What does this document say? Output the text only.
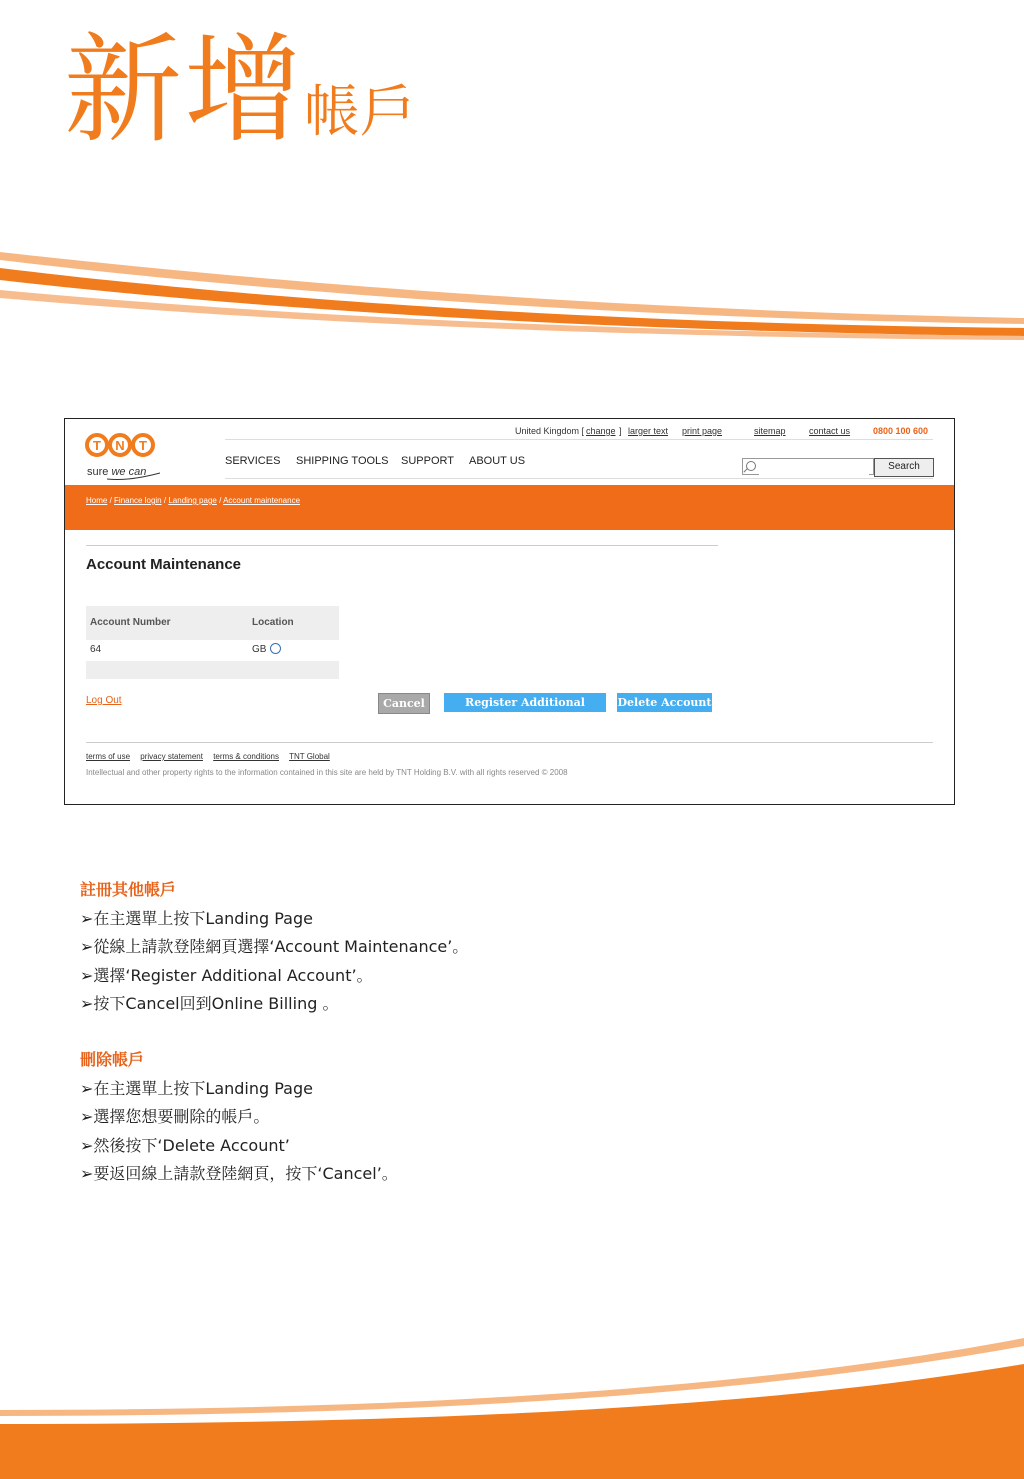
新增帳戶
United Kingdom [ change ] larger text print page	sitemap	contact us	0800 100 600
T N T
sure we can
SERVICES SHIPPING TOOLS SUPPORT ABOUT US	Search
Home / Finance login / Landing page / Account maintenance
Account Maintenance
Account Number	Location
64	GB
Log Out	Cancel	Register Additional Account
Delete Account
terms of use privacy statement terms & conditions TNT Global
Intellectual and other property rights to the information contained in this site are held by TNT Holding B.V. with all rights reserved © 2008
註冊其他帳戶
➢在主選單上按下Landing Page
➢從線上請款登陸網頁選擇‘Account Maintenance’。
➢選擇‘Register Additional Account’。
➢按下Cancel回到Online Billing 。
刪除帳戶
➢在主選單上按下Landing Page
➢選擇您想要刪除的帳戶。
➢然後按下‘Delete Account’
➢要返回線上請款登陸網頁，按下‘Cancel’。
